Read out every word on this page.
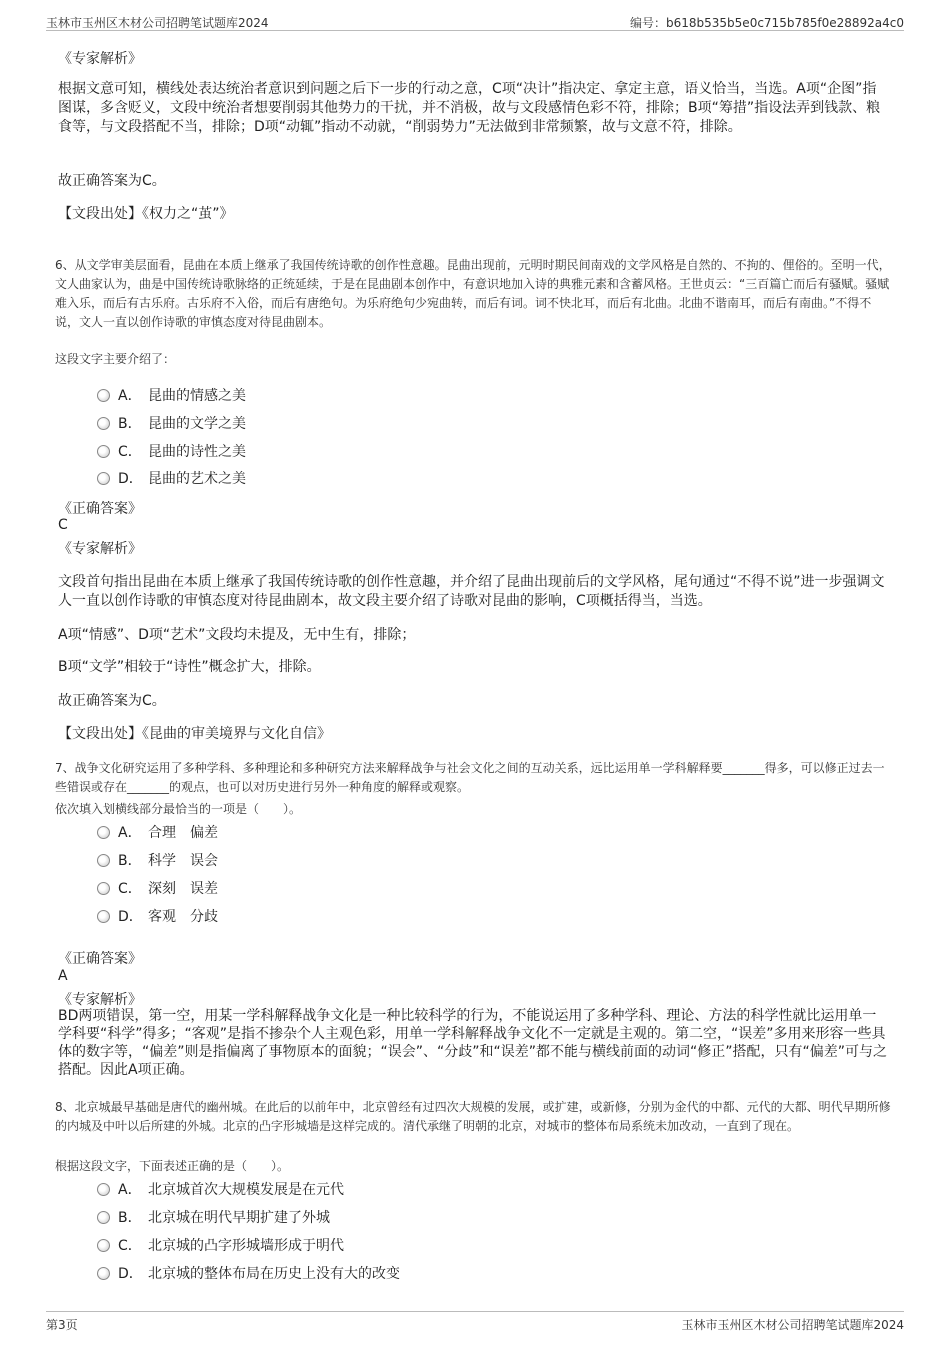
玉林市玉州区木材公司招聘笔试题库2024	编号：b618b535b5e0c715b785f0e28892a4c0
《专家解析》
根据文意可知，横线处表达统治者意识到问题之后下一步的行动之意，C项“决计”指决定、拿定主意，语义恰当，当选。A项“企图”指图谋，多含贬义，文段中统治者想要削弱其他势力的干扰，并不消极，故与文段感情色彩不符，排除；B项“筹措”指设法弄到钱款、粮食等，与文段搭配不当，排除；D项“动辄”指动不动就，“削弱势力”无法做到非常频繁，故与文意不符，排除。
故正确答案为C。
【文段出处】《权力之“茧”》
6、从文学审美层面看，昆曲在本质上继承了我国传统诗歌的创作性意趣。昆曲出现前，元明时期民间南戏的文学风格是自然的、不拘的、俚俗的。至明一代，文人曲家认为，曲是中国传统诗歌脉络的正统延续，于是在昆曲剧本创作中，有意识地加入诗的典雅元素和含蓄风格。王世贞云：“三百篇亡而后有骚赋。骚赋难入乐，而后有古乐府。古乐府不入俗，而后有唐绝句。为乐府绝句少宛曲转，而后有词。词不快北耳，而后有北曲。北曲不谐南耳，而后有南曲。”不得不说，文人一直以创作诗歌的审慎态度对待昆曲剧本。
这段文字主要介绍了：
A． 昆曲的情感之美
B． 昆曲的文学之美
C． 昆曲的诗性之美
D． 昆曲的艺术之美
《正确答案》
C
《专家解析》
文段首句指出昆曲在本质上继承了我国传统诗歌的创作性意趣，并介绍了昆曲出现前后的文学风格，尾句通过“不得不说”进一步强调文人一直以创作诗歌的审慎态度对待昆曲剧本，故文段主要介绍了诗歌对昆曲的影响，C项概括得当，当选。
A项“情感”、D项“艺术”文段均未提及，无中生有，排除；
B项“文学”相较于“诗性”概念扩大，排除。
故正确答案为C。
【文段出处】《昆曲的审美境界与文化自信》
7、战争文化研究运用了多种学科、多种理论和多种研究方法来解释战争与社会文化之间的互动关系，远比运用单一学科解释要_______得多，可以修正过去一些错误或存在_______的观点，也可以对历史进行另外一种角度的解释或观察。
依次填入划横线部分最恰当的一项是（　　）。
A． 合理　偏差
B． 科学　误会
C． 深刻　误差
D． 客观　分歧
《正确答案》
A
《专家解析》
BD两项错误，第一空，用某一学科解释战争文化是一种比较科学的行为，不能说运用了多种学科、理论、方法的科学性就比运用单一学科要“科学”得多；“客观”是指不掺杂个人主观色彩，用单一学科解释战争文化不一定就是主观的。第二空，“误差”多用来形容一些具体的数字等，“偏差”则是指偏离了事物原本的面貌；“误会”、“分歧”和“误差”都不能与横线前面的动词“修正”搭配，只有“偏差”可与之搭配。因此A项正确。
8、北京城最早基础是唐代的幽州城。在此后的以前年中，北京曾经有过四次大规模的发展，或扩建，或新修，分别为金代的中都、元代的大都、明代早期所修的内城及中叶以后所建的外城。北京的凸字形城墙是这样完成的。清代承继了明朝的北京，对城市的整体布局系统未加改动，一直到了现在。
根据这段文字，下面表述正确的是（　　）。
A． 北京城首次大规模发展是在元代
B． 北京城在明代早期扩建了外城
C． 北京城的凸字形城墙形成于明代
D． 北京城的整体布局在历史上没有大的改变
第3页	玉林市玉州区木材公司招聘笔试题库2024
